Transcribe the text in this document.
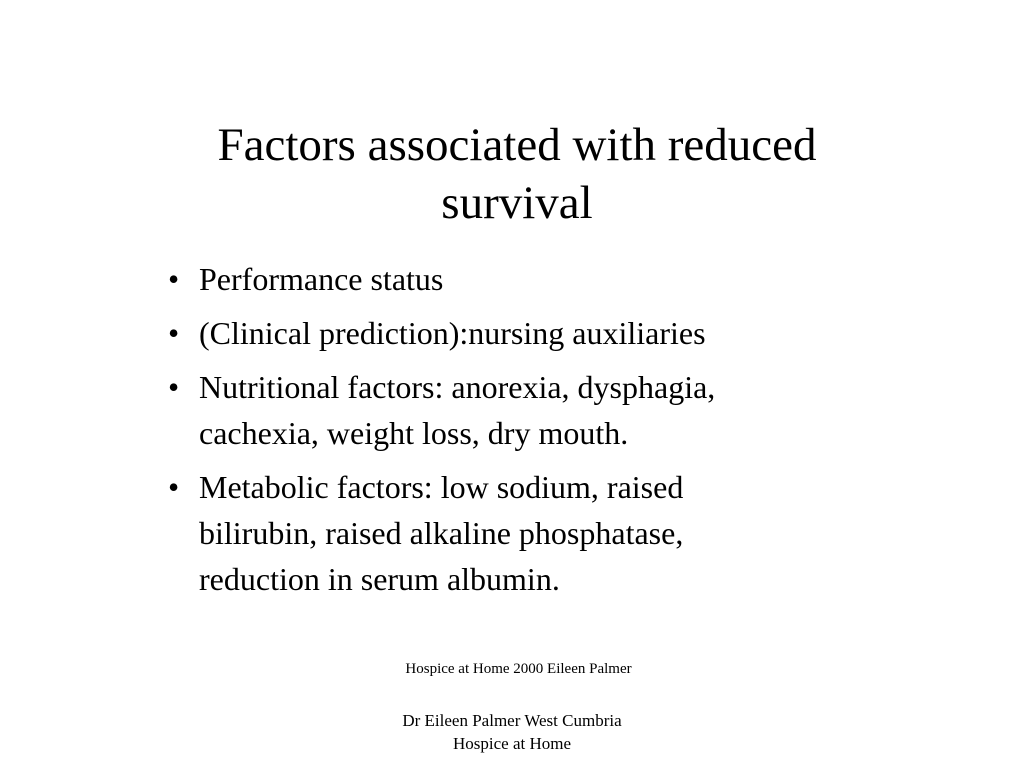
Factors associated with reduced
survival
• Performance status
• (Clinical prediction):nursing auxiliaries
• Nutritional factors: anorexia, dysphagia,
cachexia, weight loss, dry mouth.
• Metabolic factors: low sodium, raised
bilirubin, raised alkaline phosphatase,
reduction in serum albumin.
Hospice at Home 2000 Eileen Palmer
Dr Eileen Palmer West Cumbria
Hospice at Home
